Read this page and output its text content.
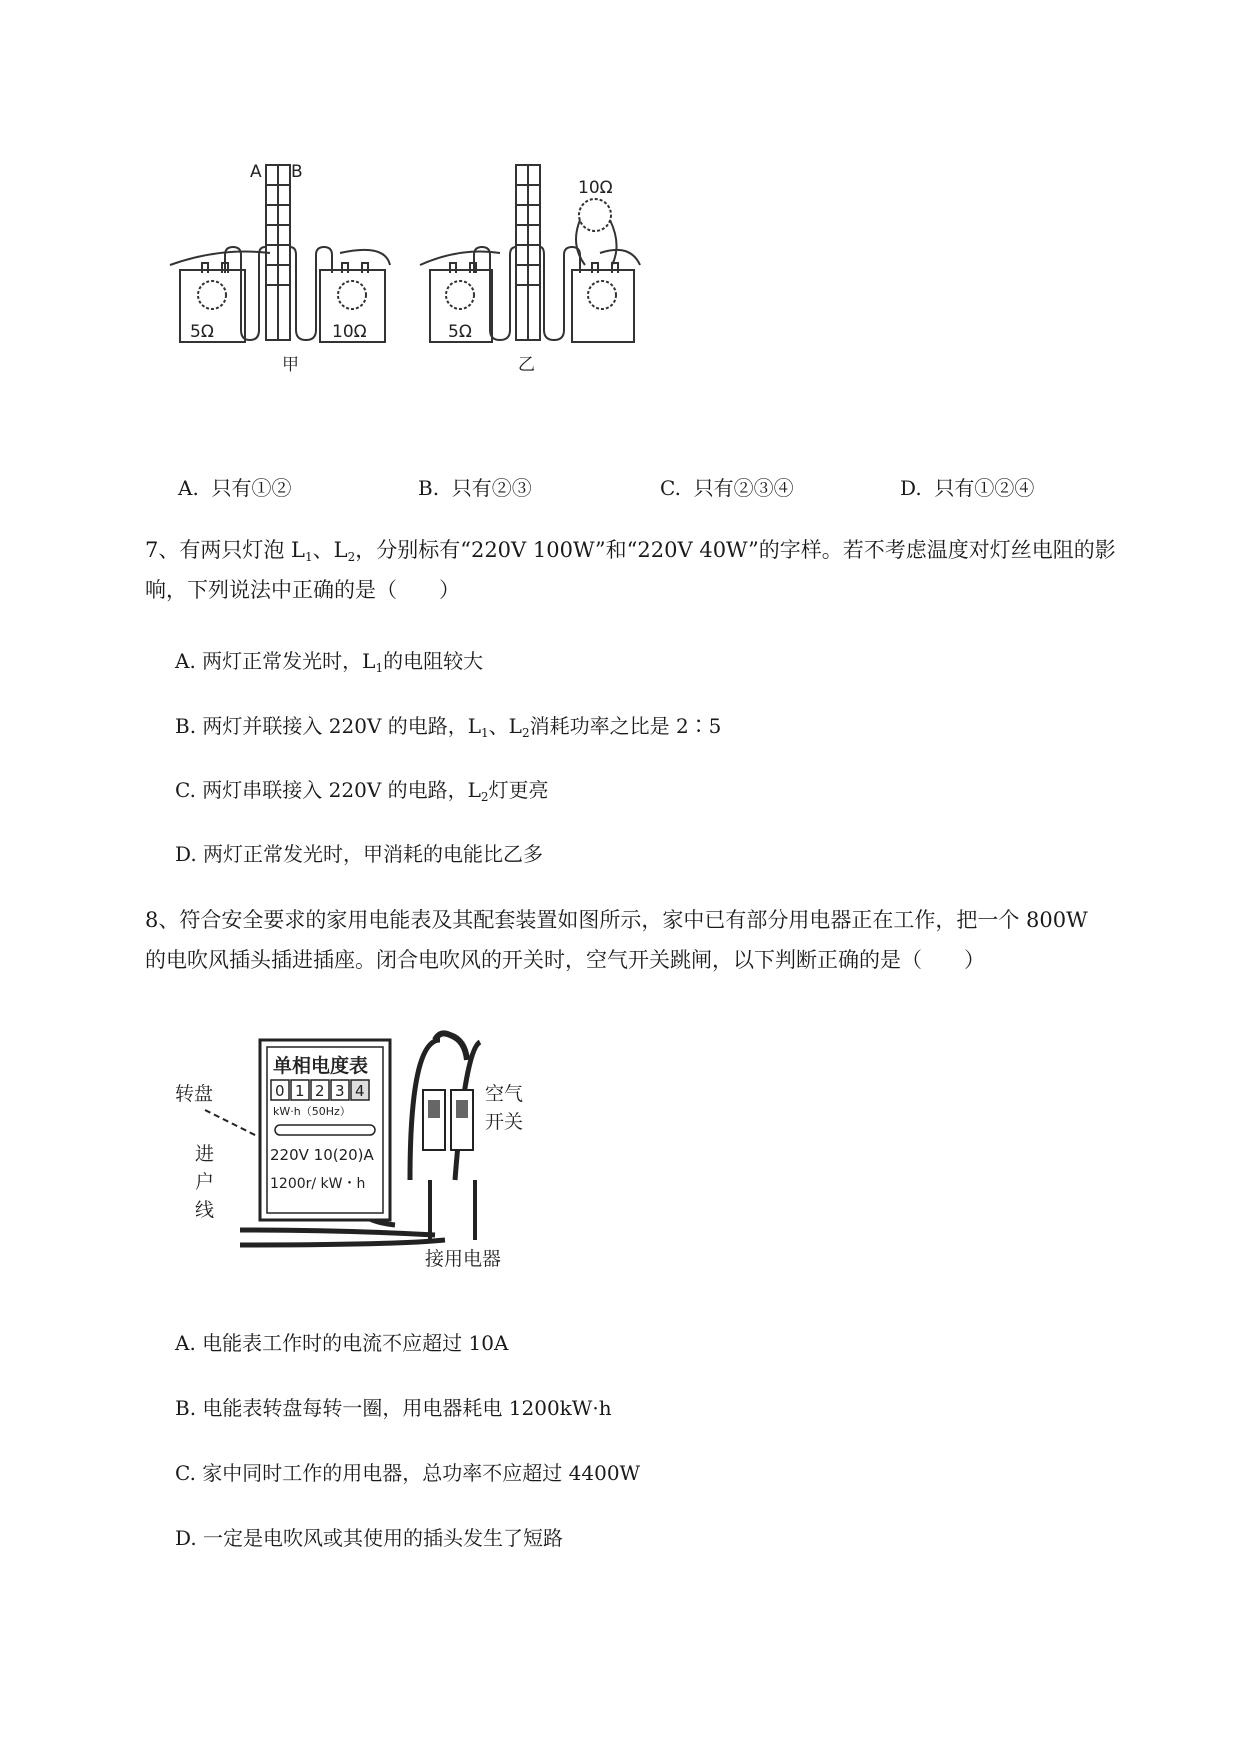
A B
5Ω	10Ω
甲
5Ω
10Ω
乙
A. 只有①②	B. 只有②③	C. 只有②③④	D. 只有①②④
7、有两只灯泡 $L_1$、$L_2$，分别标有“220V 100W”和“220V 40W”的字样。若不考虑温度对灯丝电阻的影
响，下列说法中正确的是（　　）
A. 两灯正常发光时，$L_1$的电阻较大
B. 两灯并联接入 220V 的电路，$L_1$、$L_2$消耗功率之比是 2∶5
C. 两灯串联接入 220V 的电路，$L_2$灯更亮
D. 两灯正常发光时，甲消耗的电能比乙多
8、符合安全要求的家用电能表及其配套装置如图所示，家中已有部分用电器正在工作，把一个 800W
的电吹风插头插进插座。闭合电吹风的开关时，空气开关跳闸，以下判断正确的是（　　）
单相电度表
kW·h（50Hz）
220V 10(20)A
1200r/ kW・h
转盘	空气
开关
进
户
线
接用电器
0 1 2 3 4
A. 电能表工作时的电流不应超过 10A
B. 电能表转盘每转一圈，用电器耗电 1200kW·h
C. 家中同时工作的用电器，总功率不应超过 4400W
D. 一定是电吹风或其使用的插头发生了短路
